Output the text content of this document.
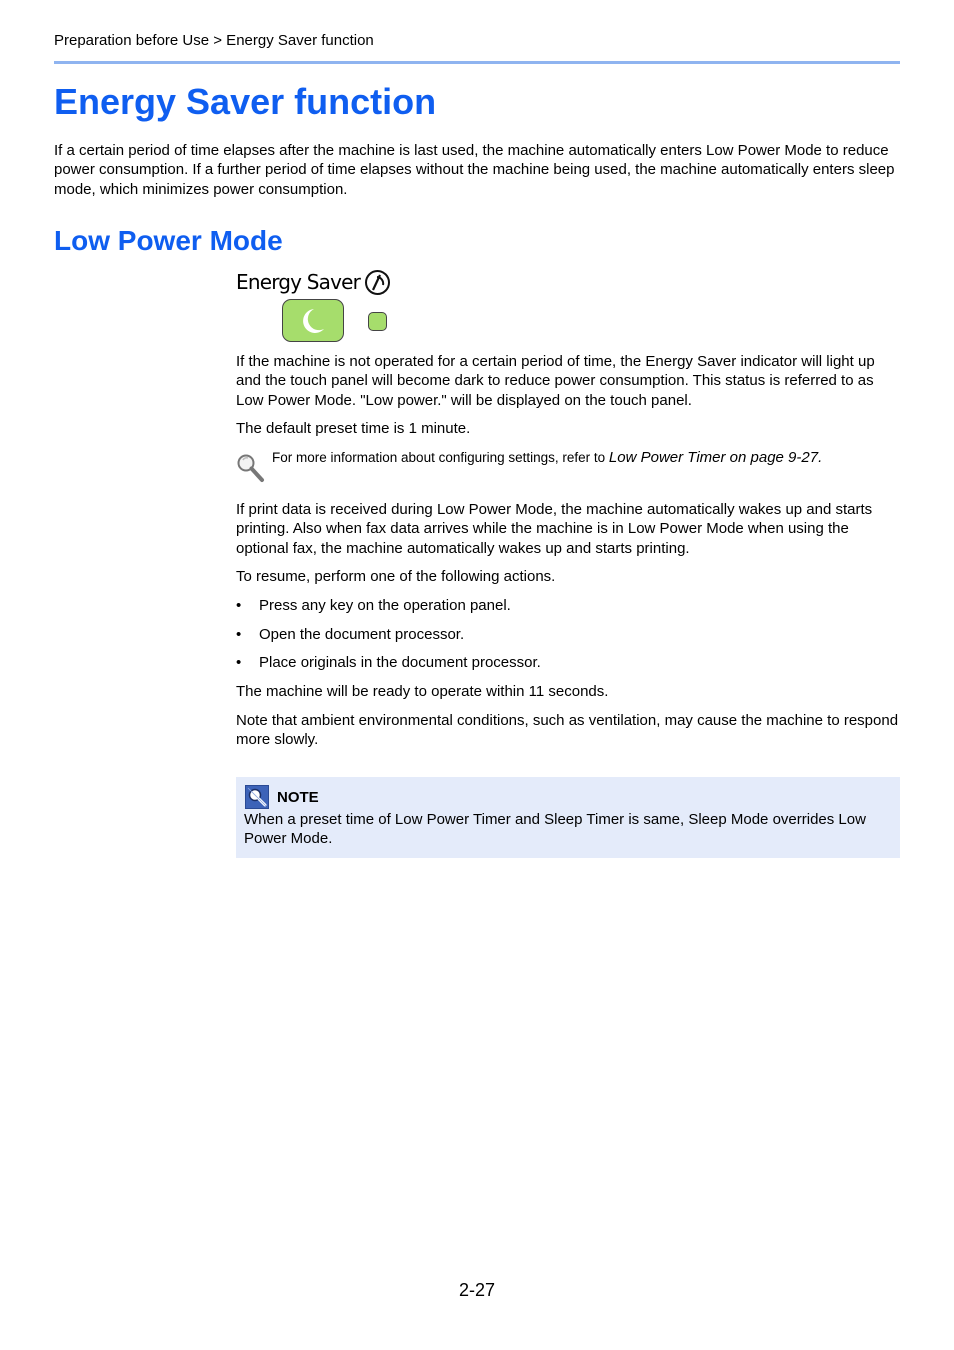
Preparation before Use > Energy Saver function
Energy Saver function

If a certain period of time elapses after the machine is last used, the machine automatically enters Low Power Mode to reduce power consumption. If a further period of time elapses without the machine being used, the machine automatically enters sleep mode, which minimizes power consumption.

Low Power Mode
Energy Saver

If the machine is not operated for a certain period of time, the Energy Saver indicator will light up and the touch panel will become dark to reduce power consumption. This status is referred to as Low Power Mode. "Low power." will be displayed on the touch panel.

The default preset time is 1 minute.

For more information about configuring settings, refer to Low Power Timer on page 9-27.

If print data is received during Low Power Mode, the machine automatically wakes up and starts printing. Also when fax data arrives while the machine is in Low Power Mode when using the optional fax, the machine automatically wakes up and starts printing.

To resume, perform one of the following actions.

• Press any key on the operation panel.
• Open the document processor.
• Place originals in the document processor.

The machine will be ready to operate within 11 seconds.

Note that ambient environmental conditions, such as ventilation, may cause the machine to respond more slowly.

NOTE

When a preset time of Low Power Timer and Sleep Timer is same, Sleep Mode overrides Low Power Mode.

2-27
